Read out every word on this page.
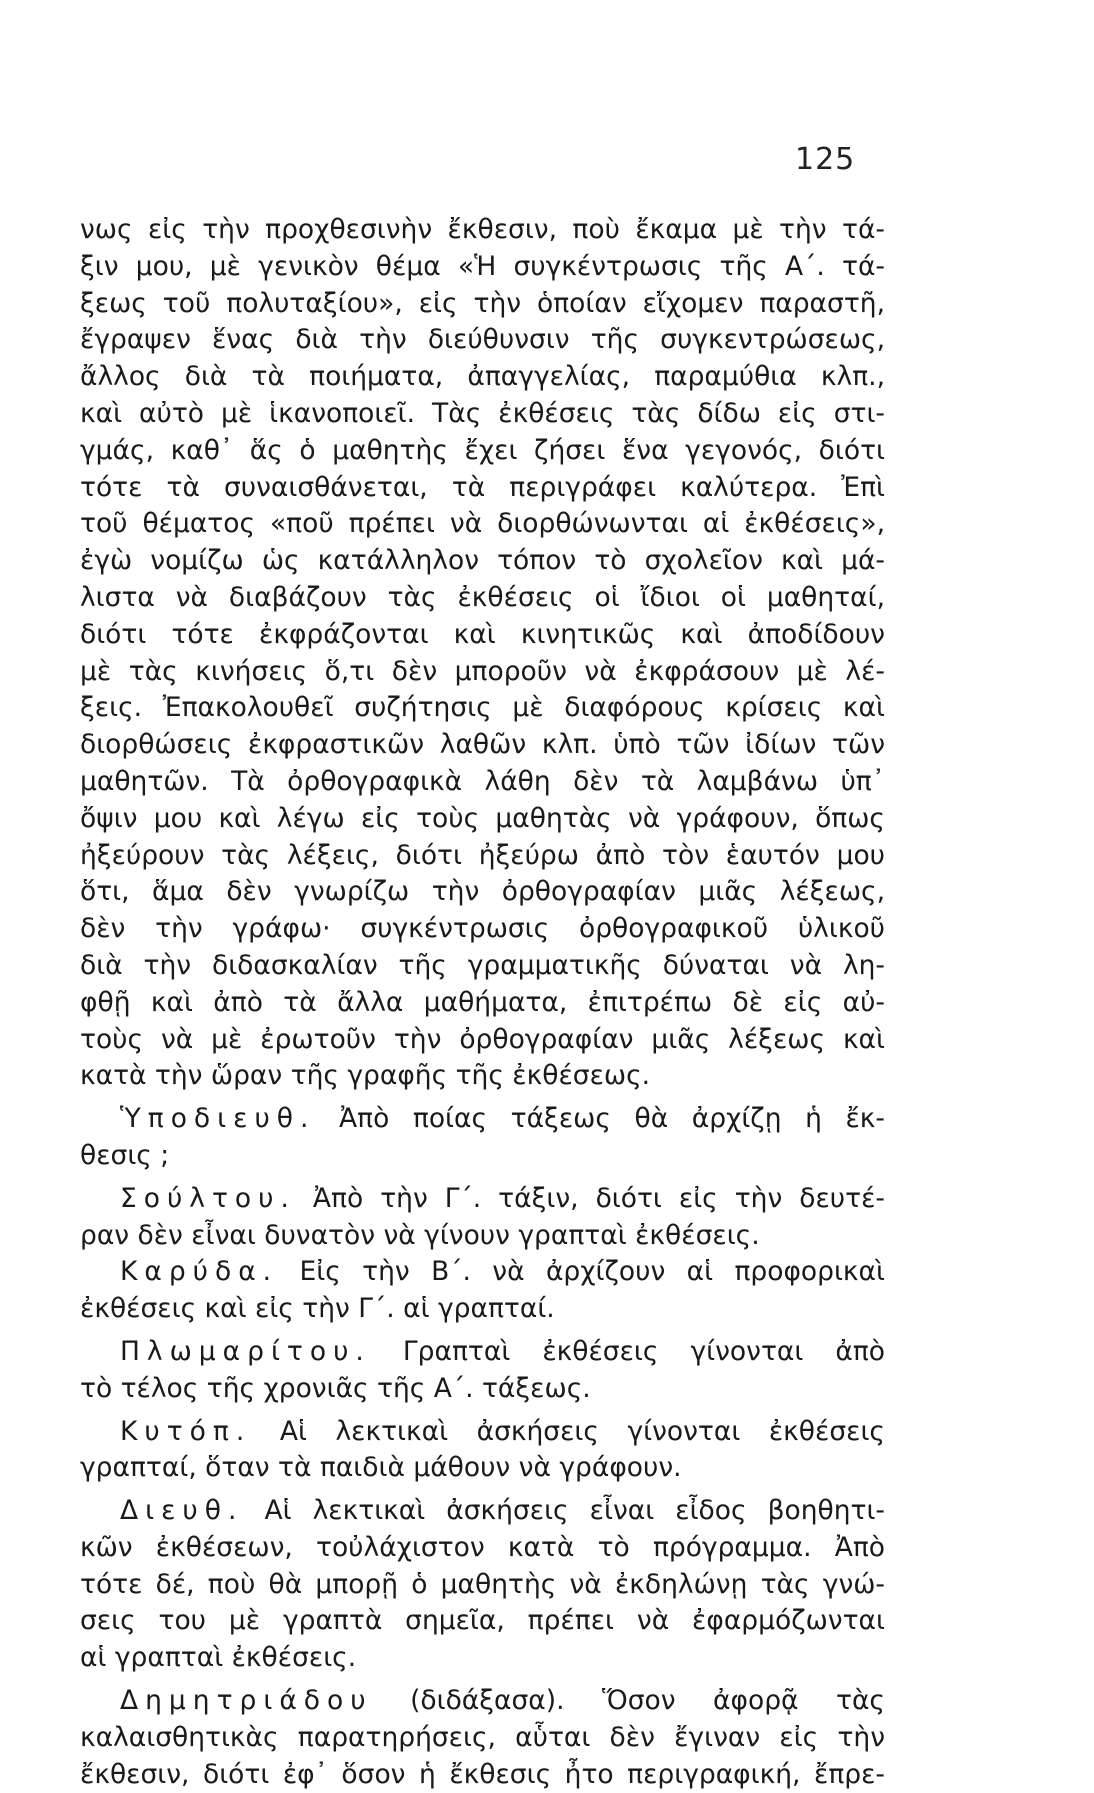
125
νως εἰς τὴν προχθεσινὴν ἔκθεσιν, ποὺ ἔκαμα μὲ τὴν τά-
ξιν μου, μὲ γενικὸν θέμα «Ἡ συγκέντρωσις τῆς Α΄. τά-
ξεως τοῦ πολυταξίου», εἰς τὴν ὁποίαν εἴχομεν παραστῆ,
ἔγραψεν ἕνας διὰ τὴν διεύθυνσιν τῆς συγκεντρώσεως,
ἄλλος διὰ τὰ ποιήματα, ἀπαγγελίας, παραμύθια κλπ.,
καὶ αὐτὸ μὲ ἱκανοποιεῖ. Τὰς ἐκθέσεις τὰς δίδω εἰς στι-
γμάς, καθ᾽ ἅς ὁ μαθητὴς ἔχει ζήσει ἕνα γεγονός, διότι
τότε τὰ συναισθάνεται, τὰ περιγράφει καλύτερα. Ἐπὶ
τοῦ θέματος «ποῦ πρέπει νὰ διορθώνωνται αἱ ἐκθέσεις»,
ἐγὼ νομίζω ὡς κατάλληλον τόπον τὸ σχολεῖον καὶ μά-
λιστα νὰ διαβάζουν τὰς ἐκθέσεις οἱ ἴδιοι οἱ μαθηταί,
διότι τότε ἐκφράζονται καὶ κινητικῶς καὶ ἀποδίδουν
μὲ τὰς κινήσεις ὅ,τι δὲν μποροῦν νὰ ἐκφράσουν μὲ λέ-
ξεις. Ἐπακολουθεῖ συζήτησις μὲ διαφόρους κρίσεις καὶ
διορθώσεις ἐκφραστικῶν λαθῶν κλπ. ὑπὸ τῶν ἰδίων τῶν
μαθητῶν. Τὰ ὀρθογραφικὰ λάθη δὲν τὰ λαμβάνω ὑπ᾽
ὄψιν μου καὶ λέγω εἰς τοὺς μαθητὰς νὰ γράφουν, ὅπως
ἠξεύρουν τὰς λέξεις, διότι ἠξεύρω ἀπὸ τὸν ἑαυτόν μου
ὅτι, ἅμα δὲν γνωρίζω τὴν ὀρθογραφίαν μιᾶς λέξεως,
δὲν τὴν γράφω· συγκέντρωσις ὀρθογραφικοῦ ὑλικοῦ
διὰ τὴν διδασκαλίαν τῆς γραμματικῆς δύναται νὰ λη-
φθῇ καὶ ἀπὸ τὰ ἄλλα μαθήματα, ἐπιτρέπω δὲ εἰς αὐ-
τοὺς νὰ μὲ ἐρωτοῦν τὴν ὀρθογραφίαν μιᾶς λέξεως καὶ
κατὰ τὴν ὥραν τῆς γραφῆς τῆς ἐκθέσεως.
Ὑποδιευθ. Ἀπὸ ποίας τάξεως θὰ ἀρχίζῃ ἡ ἔκ-
θεσις ;
Σούλτου. Ἀπὸ τὴν Γ΄. τάξιν, διότι εἰς τὴν δευτέ-
ραν δὲν εἶναι δυνατὸν νὰ γίνουν γραπταὶ ἐκθέσεις.
Καρύδα. Εἰς τὴν Β΄. νὰ ἀρχίζουν αἱ προφορικαὶ
ἐκθέσεις καὶ εἰς τὴν Γ΄. αἱ γραπταί.
Πλωμαρίτου. Γραπταὶ ἐκθέσεις γίνονται ἀπὸ
τὸ τέλος τῆς χρονιᾶς τῆς Α΄. τάξεως.
Κυτόπ. Αἱ λεκτικαὶ ἀσκήσεις γίνονται ἐκθέσεις
γραπταί, ὅταν τὰ παιδιὰ μάθουν νὰ γράφουν.
Διευθ. Αἱ λεκτικαὶ ἀσκήσεις εἶναι εἶδος βοηθητι-
κῶν ἐκθέσεων, τοὐλάχιστον κατὰ τὸ πρόγραμμα. Ἀπὸ
τότε δέ, ποὺ θὰ μπορῇ ὁ μαθητὴς νὰ ἐκδηλώνῃ τὰς γνώ-
σεις του μὲ γραπτὰ σημεῖα, πρέπει νὰ ἐφαρμόζωνται
αἱ γραπταὶ ἐκθέσεις.
Δημητριάδου (διδάξασα). Ὅσον ἀφορᾷ τὰς
καλαισθητικὰς παρατηρήσεις, αὗται δὲν ἔγιναν εἰς τὴν
ἔκθεσιν, διότι ἐφ᾽ ὅσον ἡ ἔκθεσις ἦτο περιγραφική, ἔπρε-
